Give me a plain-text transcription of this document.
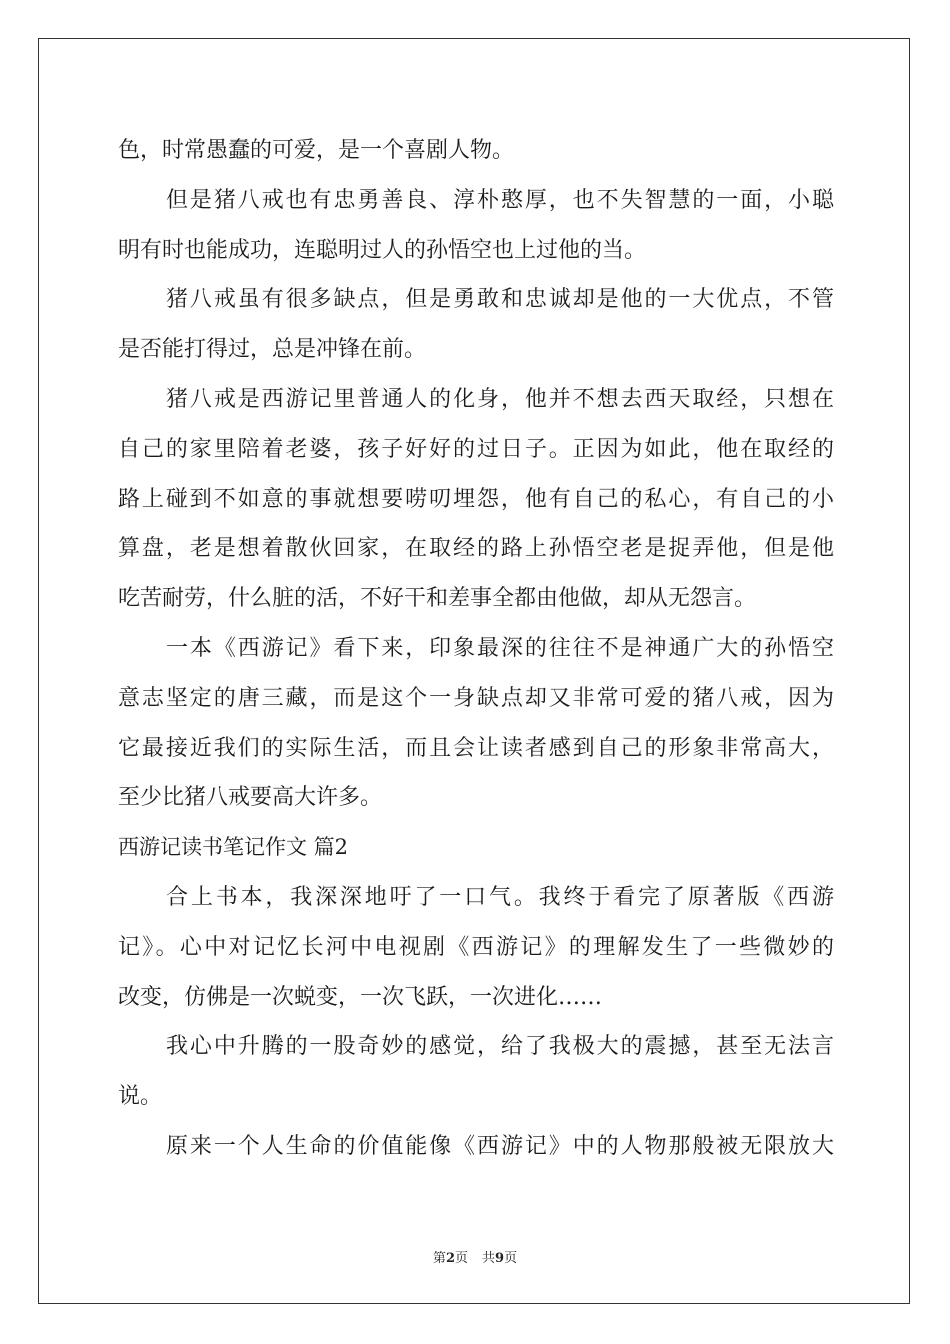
色，时常愚蠢的可爱，是一个喜剧人物。
但是猪八戒也有忠勇善良、淳朴憨厚，也不失智慧的一面，小聪
明有时也能成功，连聪明过人的孙悟空也上过他的当。
猪八戒虽有很多缺点，但是勇敢和忠诚却是他的一大优点，不管
是否能打得过，总是冲锋在前。
猪八戒是西游记里普通人的化身，他并不想去西天取经，只想在
自己的家里陪着老婆，孩子好好的过日子。正因为如此，他在取经的
路上碰到不如意的事就想要唠叨埋怨，他有自己的私心，有自己的小
算盘，老是想着散伙回家，在取经的路上孙悟空老是捉弄他，但是他
吃苦耐劳，什么脏的活，不好干和差事全都由他做，却从无怨言。
一本《西游记》看下来，印象最深的往往不是神通广大的孙悟空
意志坚定的唐三藏，而是这个一身缺点却又非常可爱的猪八戒，因为
它最接近我们的实际生活，而且会让读者感到自己的形象非常高大，
至少比猪八戒要高大许多。
西游记读书笔记作文 篇2
合上书本，我深深地吁了一口气。我终于看完了原著版《西游
记》。心中对记忆长河中电视剧《西游记》的理解发生了一些微妙的
改变，仿佛是一次蜕变，一次飞跃，一次进化……
我心中升腾的一股奇妙的感觉，给了我极大的震撼，甚至无法言
说。
原来一个人生命的价值能像《西游记》中的人物那般被无限放大
第2页 共9页
